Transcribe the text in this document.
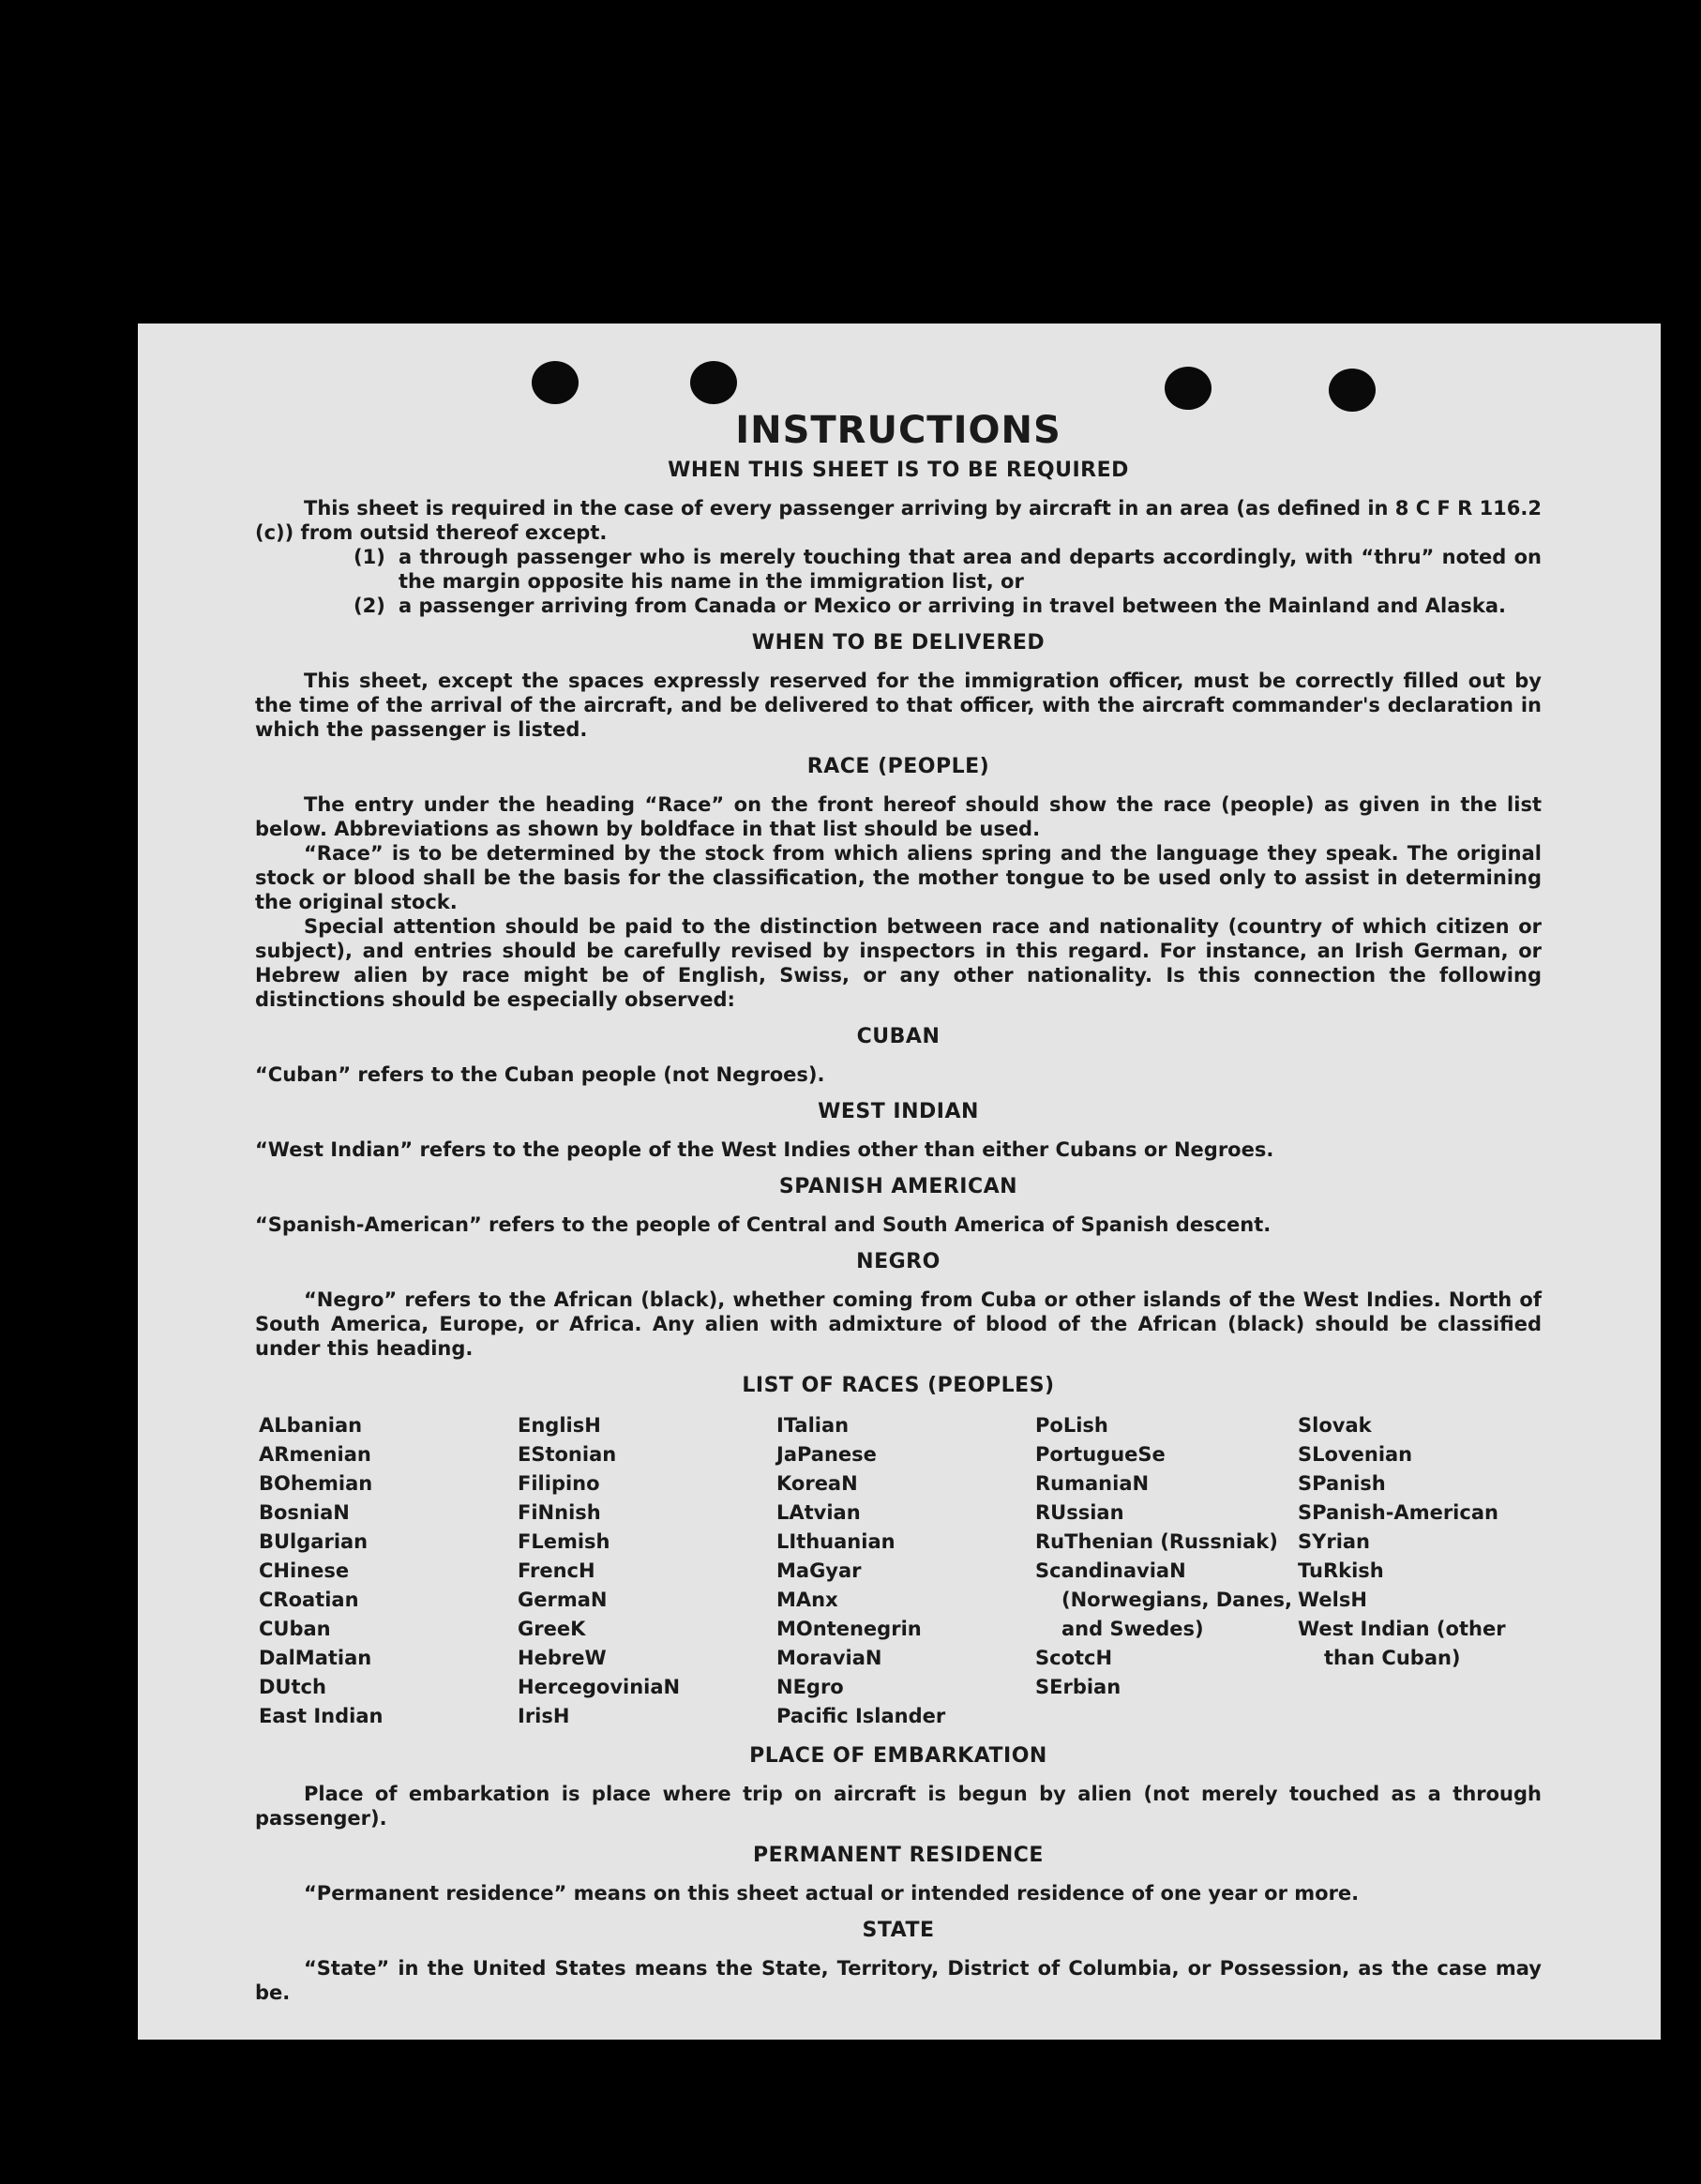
INSTRUCTIONS
WHEN THIS SHEET IS TO BE REQUIRED

This sheet is required in the case of every passenger arriving by aircraft in an area (as defined in 8 C F R 116.2 (c)) from outsid thereof except.

(1) a through passenger who is merely touching that area and departs accordingly, with “thru” noted on the margin opposite his name in the immigration list, or
(2) a passenger arriving from Canada or Mexico or arriving in travel between the Mainland and Alaska.
WHEN TO BE DELIVERED

This sheet, except the spaces expressly reserved for the immigration officer, must be correctly filled out by the time of the arrival of the aircraft, and be delivered to that officer, with the aircraft commander's declaration in which the passenger is listed.

RACE (PEOPLE)

The entry under the heading “Race” on the front hereof should show the race (people) as given in the list below. Abbreviations as shown by boldface in that list should be used.

“Race” is to be determined by the stock from which aliens spring and the language they speak. The original stock or blood shall be the basis for the classification, the mother tongue to be used only to assist in determining the original stock.

Special attention should be paid to the distinction between race and nationality (country of which citizen or subject), and entries should be carefully revised by inspectors in this regard. For instance, an Irish German, or Hebrew alien by race might be of English, Swiss, or any other nationality. Is this connection the following distinctions should be especially observed:

CUBAN

“Cuban” refers to the Cuban people (not Negroes).

WEST INDIAN

“West Indian” refers to the people of the West Indies other than either Cubans or Negroes.

SPANISH AMERICAN

“Spanish-American” refers to the people of Central and South America of Spanish descent.

NEGRO

“Negro” refers to the African (black), whether coming from Cuba or other islands of the West Indies. North of South America, Europe, or Africa. Any alien with admixture of blood of the African (black) should be classified under this heading.

LIST OF RACES (PEOPLES)
ALbanian
ARmenian
BOhemian
BosniaN
BUlgarian
CHinese
CRoatian
CUban
DalMatian
DUtch
East Indian
EnglisH
EStonian
Filipino
FiNnish
FLemish
FrencH
GermaN
GreeK
HebreW
HercegoviniaN
IrisH
ITalian
JaPanese
KoreaN
LAtvian
LIthuanian
MaGyar
MAnx
MOntenegrin
MoraviaN
NEgro
Pacific Islander
PoLish
PortugueSe
RumaniaN
RUssian
RuThenian (Russniak)
ScandinaviaN (Norwegians, Danes, and Swedes)
ScotcH
SErbian
Slovak
SLovenian
SPanish
SPanish-American
SYrian
TuRkish
WelsH
West Indian (other than Cuban)
PLACE OF EMBARKATION

Place of embarkation is place where trip on aircraft is begun by alien (not merely touched as a through passenger).

PERMANENT RESIDENCE

“Permanent residence” means on this sheet actual or intended residence of one year or more.

STATE

“State” in the United States means the State, Territory, District of Columbia, or Possession, as the case may be.
